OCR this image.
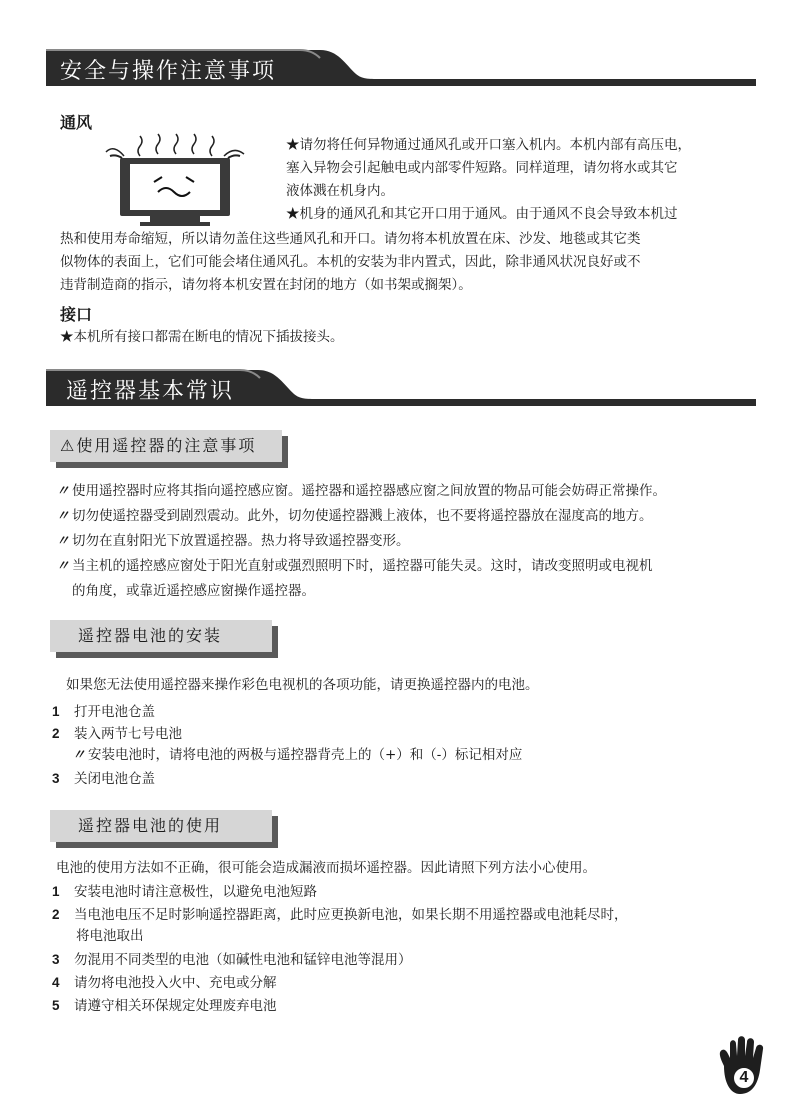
安全与操作注意事项
通风
★请勿将任何异物通过通风孔或开口塞入机内。本机内部有高压电，
塞入异物会引起触电或内部零件短路。同样道理，请勿将水或其它
液体溅在机身内。
★机身的通风孔和其它开口用于通风。由于通风不良会导致本机过
热和使用寿命缩短，所以请勿盖住这些通风孔和开口。请勿将本机放置在床、沙发、地毯或其它类
似物体的表面上，它们可能会堵住通风孔。本机的安装为非内置式，因此，除非通风状况良好或不
违背制造商的指示，请勿将本机安置在封闭的地方（如书架或搁架）。
接口
★本机所有接口都需在断电的情况下插拔接头。
遥控器基本常识
⚠使用遥控器的注意事项
〃 使用遥控器时应将其指向遥控感应窗。遥控器和遥控器感应窗之间放置的物品可能会妨碍正常操作。
〃 切勿使遥控器受到剧烈震动。此外，切勿使遥控器溅上液体，也不要将遥控器放在湿度高的地方。
〃 切勿在直射阳光下放置遥控器。热力将导致遥控器变形。
〃 当主机的遥控感应窗处于阳光直射或强烈照明下时，遥控器可能失灵。这时，请改变照明或电视机
的角度，或靠近遥控感应窗操作遥控器。
遥控器电池的安装
如果您无法使用遥控器来操作彩色电视机的各项功能，请更换遥控器内的电池。
1 打开电池仓盖
2 装入两节七号电池
〃 安装电池时，请将电池的两极与遥控器背壳上的（+）和（-）标记相对应
3 关闭电池仓盖
遥控器电池的使用
电池的使用方法如不正确，很可能会造成漏液而损坏遥控器。因此请照下列方法小心使用。
1 安装电池时请注意极性，以避免电池短路
2 当电池电压不足时影响遥控器距离，此时应更换新电池，如果长期不用遥控器或电池耗尽时，
将电池取出
3 勿混用不同类型的电池（如碱性电池和锰锌电池等混用）
4 请勿将电池投入火中、充电或分解
5 请遵守相关环保规定处理废弃电池
4
